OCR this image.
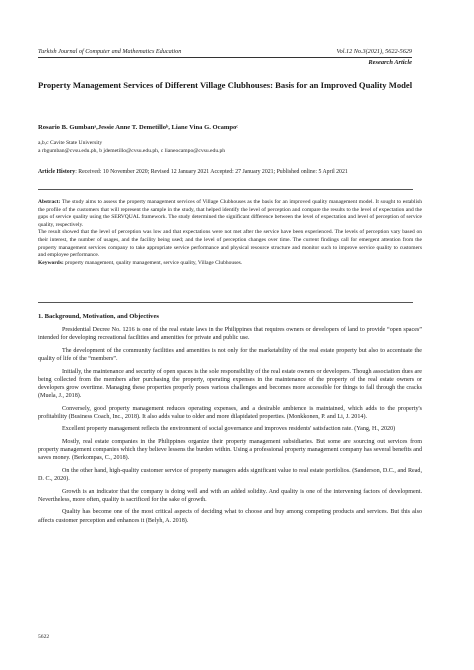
Turkish Journal of Computer and Mathematics Education	Vol.12 No.3(2021), 5622-5629
Research Article
Property Management Services of Different Village Clubhouses: Basis for an Improved Quality Model
Rosario B. Gumbanᵃ,Jessie Anne T. Demetilloᵇ, Liane Vina G. Ocampoᶜ
a,b,c Cavite State University
a rbgumban@cvsu.edu.ph, b jdemetillo@cvsu.edu.ph, c lianeocampo@cvsu.edu.ph
Article History: Received: 10 November 2020; Revised 12 January 2021 Accepted: 27 January 2021; Published online: 5 April 2021

Abstract: The study aims to assess the property management services of Village Clubhouses as the basis for an improved quality management model. It sought to establish the profile of the customers that will represent the sample in the study, that helped identify the level of perception and compare the results to the level of expectation and the gaps of service quality using the SERVQUAL framework. The study determined the significant difference between the level of expectation and level of perception of service quality, respectively.

The result showed that the level of perception was low and that expectations were not met after the service have been experienced. The levels of perception vary based on their interest, the number of usages, and the facility being used; and the level of perception changes over time. The current findings call for emergent attention from the property management services company to take appropriate service performance and physical resource structure and monitor such to improve service quality to customers and employee performance.

Keywords: property management, quality management, service quality, Village Clubhouses.

1. Background, Motivation, and Objectives

Presidential Decree No. 1216 is one of the real estate laws in the Philippines that requires owners or developers of land to provide “open spaces” intended for developing recreational facilities and amenities for private and public use.

The development of the community facilities and amenities is not only for the marketability of the real estate property but also to accentuate the quality of life of the “members”.

Initially, the maintenance and security of open spaces is the sole responsibility of the real estate owners or developers. Though association dues are being collected from the members after purchasing the property, operating expenses in the maintenance of the property of the real estate owners or developers grow overtime. Managing these properties properly poses various challenges and becomes more accessible for things to fall through the cracks (Muela, J., 2018).

Conversely, good property management reduces operating expenses, and a desirable ambience is maintained, which adds to the property's profitability (Business Coach, Inc., 2018). It also adds value to older and more dilapidated properties. (Monkkonen, P. and Li, J. 2014).

Excellent property management reflects the environment of social governance and improves residents' satisfaction rate. (Yang, H., 2020)

Mostly, real estate companies in the Philippines organize their property management subsidiaries. But some are sourcing out services from property management companies which they believe lessens the burden within. Using a professional property management company has several benefits and saves money. (Berkompas, C., 2018).

On the other hand, high-quality customer service of property managers adds significant value to real estate portfolios. (Sanderson, D.C., and Read, D. C., 2020).

Growth is an indicator that the company is doing well and with an added solidity. And quality is one of the intervening factors of development. Nevertheless, more often, quality is sacrificed for the sake of growth.

Quality has become one of the most critical aspects of deciding what to choose and buy among competing products and services. But this also affects customer perception and enhances it (Belyh, A. 2018).

5622
